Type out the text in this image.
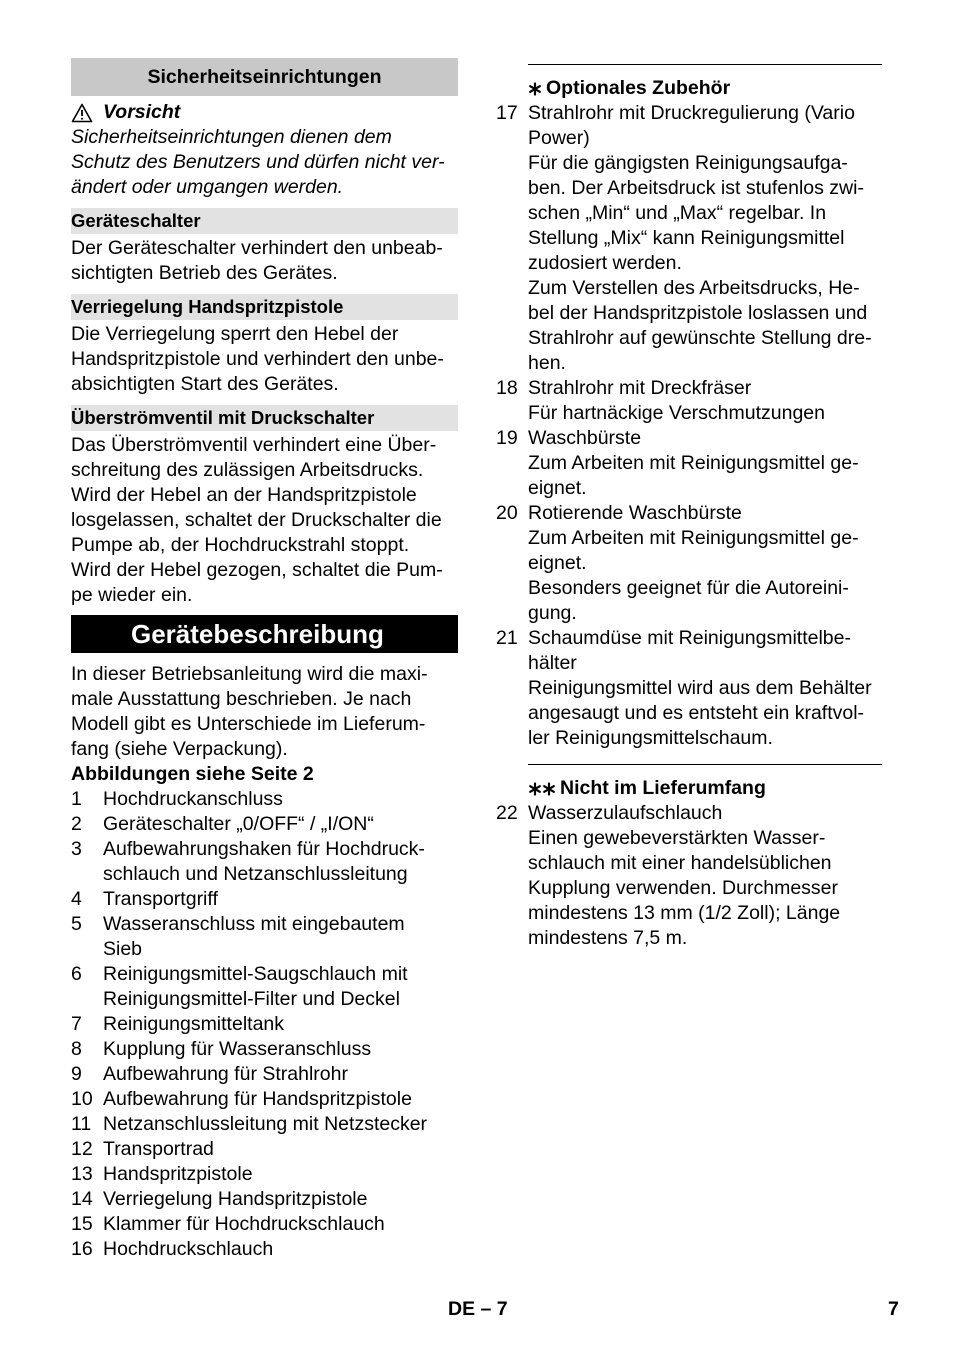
Sicherheitseinrichtungen
Vorsicht

Sicherheitseinrichtungen dienen dem

Schutz des Benutzers und dürfen nicht ver-

ändert oder umgangen werden.

Geräteschalter

Der Geräteschalter verhindert den unbeab-

sichtigten Betrieb des Gerätes.

Verriegelung Handspritzpistole

Die Verriegelung sperrt den Hebel der

Handspritzpistole und verhindert den unbe-

absichtigten Start des Gerätes.

Überströmventil mit Druckschalter

Das Überströmventil verhindert eine Über-

schreitung des zulässigen Arbeitsdrucks.

Wird der Hebel an der Handspritzpistole

losgelassen, schaltet der Druckschalter die

Pumpe ab, der Hochdruckstrahl stoppt.

Wird der Hebel gezogen, schaltet die Pum-

pe wieder ein.

Gerätebeschreibung

In dieser Betriebsanleitung wird die maxi-

male Ausstattung beschrieben. Je nach

Modell gibt es Unterschiede im Lieferum-

fang (siehe Verpackung).

Abbildungen siehe Seite 2

1	Hochdruckanschluss

2	Geräteschalter „0/OFF“ / „I/ON“

3	Aufbewahrungshaken für Hochdruck-

schlauch und Netzanschlussleitung

4	Transportgriff

5	Wasseranschluss mit eingebautem

Sieb

6	Reinigungsmittel-Saugschlauch mit

Reinigungsmittel-Filter und Deckel

7	Reinigungsmitteltank

8	Kupplung für Wasseranschluss

9	Aufbewahrung für Strahlrohr

10 Aufbewahrung für Handspritzpistole

11 Netzanschlussleitung mit Netzstecker

12 Transportrad

13 Handspritzpistole

14 Verriegelung Handspritzpistole

15 Klammer für Hochdruckschlauch

16 Hochdruckschlauch

Optionales Zubehör
17 Strahlrohr mit Druckregulierung (Vario

Power)

Für die gängigsten Reinigungsaufga-

ben. Der Arbeitsdruck ist stufenlos zwi-

schen „Min“ und „Max“ regelbar. In

Stellung „Mix“ kann Reinigungsmittel

zudosiert werden.

Zum Verstellen des Arbeitsdrucks, He-

bel der Handspritzpistole loslassen und

Strahlrohr auf gewünschte Stellung dre-

hen.

18 Strahlrohr mit Dreckfräser

Für hartnäckige Verschmutzungen

19 Waschbürste

Zum Arbeiten mit Reinigungsmittel ge-

eignet.

20 Rotierende Waschbürste

Zum Arbeiten mit Reinigungsmittel ge-

eignet.

Besonders geeignet für die Autoreini-

gung.

21 Schaumdüse mit Reinigungsmittelbe-

hälter

Reinigungsmittel wird aus dem Behälter

angesaugt und es entsteht ein kraftvol-

ler Reinigungsmittelschaum.

Nicht im Lieferumfang
22 Wasserzulaufschlauch

Einen gewebeverstärkten Wasser-

schlauch mit einer handelsüblichen

Kupplung verwenden. Durchmesser

mindestens 13 mm (1/2 Zoll); Länge

mindestens 7,5 m.

DE – 7	7
